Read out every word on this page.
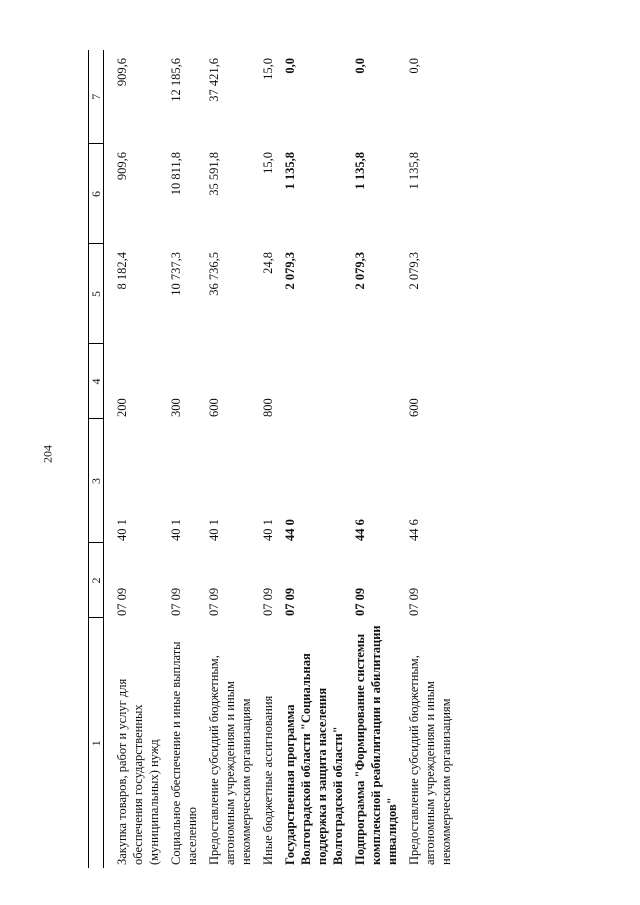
204
1	2	3	4	5	6	7
Закупка товаров, работ и услуг для обеспечения государственных (муниципальных) нужд	07 09	40 1	200	8 182,4	909,6	909,6
Социальное обеспечение и иные выплаты населению	07 09	40 1	300	10 737,3	10 811,8	12 185,6
Предоставление субсидий бюджетным, автономным учреждениям и иным некоммерческим организациям	07 09	40 1	600	36 736,5	35 591,8	37 421,6
Иные бюджетные ассигнования	07 09	40 1	800	24,8	15,0	15,0
Государственная программа Волгоградской области "Социальная поддержка и защита населения Волгоградской области"	07 09	44 0		2 079,3	1 135,8	0,0
Подпрограмма "Формирование системы комплексной реабилитации и абилитации инвалидов"	07 09	44 6		2 079,3	1 135,8	0,0
Предоставление субсидий бюджетным, автономным учреждениям и иным некоммерческим организациям	07 09	44 6	600	2 079,3	1 135,8	0,0
